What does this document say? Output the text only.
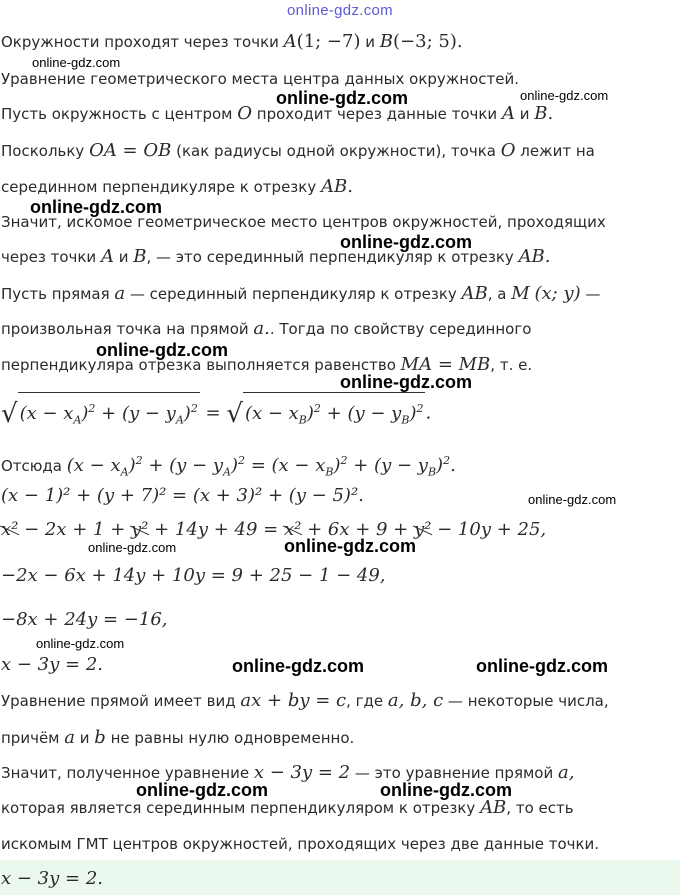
online-gdz.com
Окружности проходят через точки A(1; −7) и B(−3; 5).
Уравнение геометрического места центра данных окружностей.
Пусть окружность с центром O проходит через данные точки A и B.
Поскольку OA = OB (как радиусы одной окружности), точка O лежит на
серединном перпендикуляре к отрезку AB.
Значит, искомое геометрическое место центров окружностей, проходящих
через точки A и B, — это серединный перпендикуляр к отрезку AB.
Пусть прямая a — серединный перпендикуляр к отрезку AB, а M (x; y) —
произвольная точка на прямой a.. Тогда по свойству серединного
перпендикуляра отрезка выполняется равенство MA = MB, т. е.
√ $(x - x_A)^2 + (y - y_A)^2$ = √ $(x - x_B)^2 + (y - y_B)^2$ .
Отсюда $(x - x_A)^2 + (y - y_A)^2 = (x - x_B)^2 + (y - y_B)^2$.
(x − 1)² + (y + 7)² = (x + 3)² + (y − 5)².
x² − 2x + 1 + y² + 14y + 49 = x² + 6x + 9 + y² − 10y + 25,
−2x − 6x + 14y + 10y = 9 + 25 − 1 − 49,
−8x + 24y = −16,
x − 3y = 2.
Уравнение прямой имеет вид ax + by = c, где a, b, c — некоторые числа,
причём a и b не равны нулю одновременно.
Значит, полученное уравнение x − 3y = 2 — это уравнение прямой a,
которая является серединным перпендикуляром к отрезку AB, то есть
искомым ГМТ центров окружностей, проходящих через две данные точки.
x − 3y = 2.
online-gdz.com
online-gdz.com	online-gdz.com
online-gdz.com
online-gdz.com
online-gdz.com
online-gdz.com
online-gdz.com
online-gdz.com	online-gdz.com
online-gdz.com
online-gdz.com	online-gdz.com
online-gdz.com	online-gdz.com
